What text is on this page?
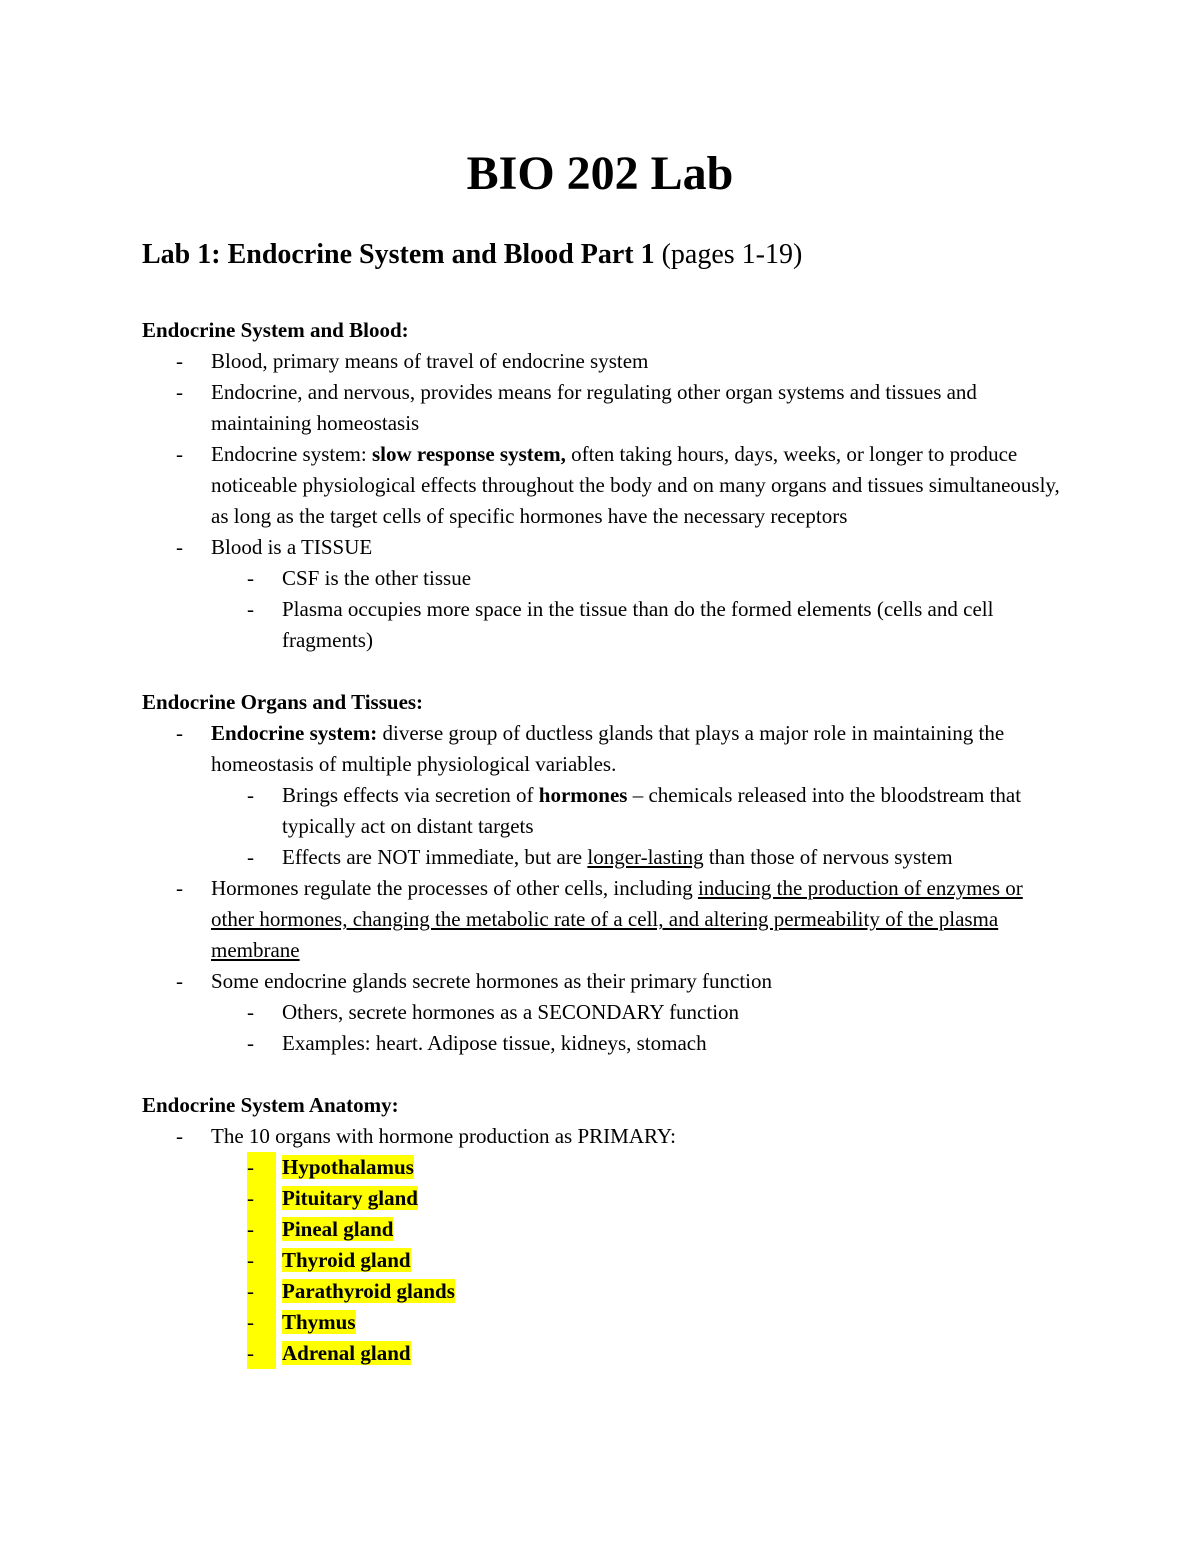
BIO 202 Lab
Lab 1: Endocrine System and Blood Part 1 (pages 1-19)
Endocrine System and Blood:
- Blood, primary means of travel of endocrine system
- Endocrine, and nervous, provides means for regulating other organ systems and tissues and maintaining homeostasis
- Endocrine system: slow response system, often taking hours, days, weeks, or longer to produce noticeable physiological effects throughout the body and on many organs and tissues simultaneously, as long as the target cells of specific hormones have the necessary receptors
- Blood is a TISSUE
- CSF is the other tissue
- Plasma occupies more space in the tissue than do the formed elements (cells and cell fragments)
Endocrine Organs and Tissues:
- Endocrine system: diverse group of ductless glands that plays a major role in maintaining the homeostasis of multiple physiological variables.
- Brings effects via secretion of hormones – chemicals released into the bloodstream that typically act on distant targets
- Effects are NOT immediate, but are longer-lasting than those of nervous system
- Hormones regulate the processes of other cells, including inducing the production of enzymes or other hormones, changing the metabolic rate of a cell, and altering permeability of the plasma membrane
- Some endocrine glands secrete hormones as their primary function
- Others, secrete hormones as a SECONDARY function
- Examples: heart. Adipose tissue, kidneys, stomach
Endocrine System Anatomy:
- The 10 organs with hormone production as PRIMARY:
-	Hypothalamus
-	Pituitary gland
-	Pineal gland
-	Thyroid gland
-	Parathyroid glands
-	Thymus
-	Adrenal gland
